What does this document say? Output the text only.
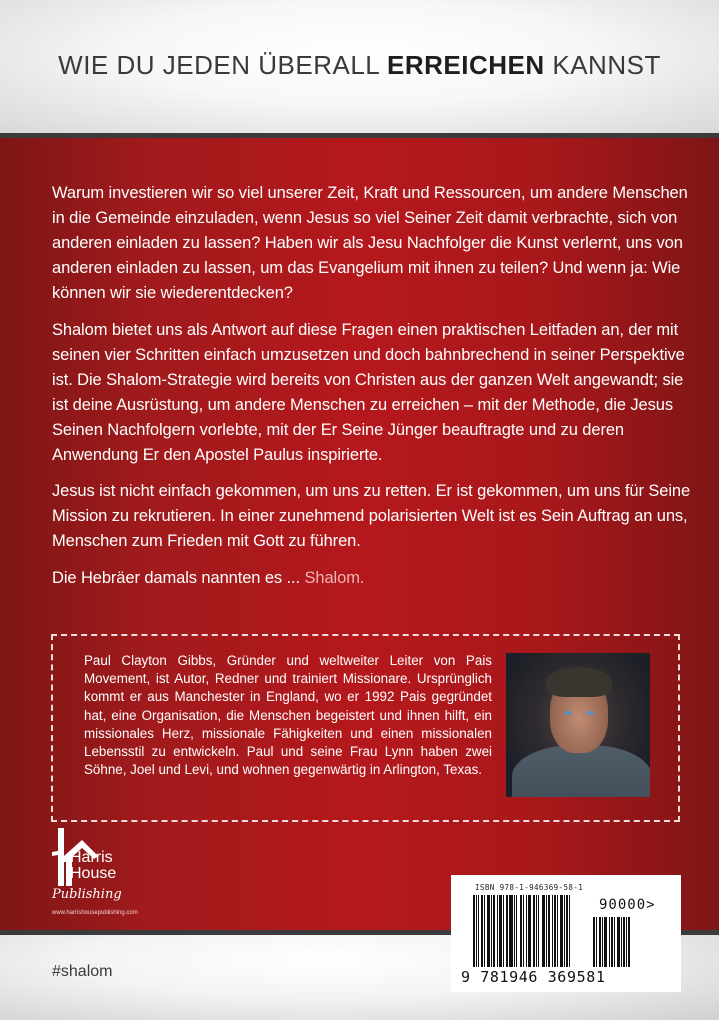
WIE DU JEDEN ÜBERALL ERREICHEN KANNST

Warum investieren wir so viel unserer Zeit, Kraft und Ressourcen, um andere Menschen in die Gemeinde einzuladen, wenn Jesus so viel Seiner Zeit damit verbrachte, sich von anderen einladen zu lassen? Haben wir als Jesu Nachfolger die Kunst verlernt, uns von anderen einladen zu lassen, um das Evangelium mit ihnen zu teilen? Und wenn ja: Wie können wir sie wiederentdecken?

Shalom bietet uns als Antwort auf diese Fragen einen praktischen Leitfaden an, der mit seinen vier Schritten einfach umzusetzen und doch bahnbrechend in seiner Perspektive ist. Die Shalom-Strategie wird bereits von Christen aus der ganzen Welt angewandt; sie ist deine Ausrüstung, um andere Menschen zu erreichen – mit der Methode, die Jesus Seinen Nachfolgern vorlebte, mit der Er Seine Jünger beauftragte und zu deren Anwendung Er den Apostel Paulus inspirierte.

Jesus ist nicht einfach gekommen, um uns zu retten. Er ist gekommen, um uns für Seine Mission zu rekrutieren. In einer zunehmend polarisierten Welt ist es Sein Auftrag an uns, Menschen zum Frieden mit Gott zu führen.

Die Hebräer damals nannten es ... Shalom.

Paul Clayton Gibbs, Gründer und weltweiter Leiter von Pais Movement, ist Autor, Redner und trainiert Missionare. Ursprünglich kommt er aus Manchester in England, wo er 1992 Pais gegründet hat, eine Organisation, die Menschen begeistert und ihnen hilft, ein missionales Herz, missionale Fähigkeiten und einen missionalen Lebensstil zu entwickeln. Paul und seine Frau Lynn haben zwei Söhne, Joel und Levi, und wohnen gegenwärtig in Arlington, Texas.

Harris
House
Publishing
www.harrishousepublishing.com
#shalom
ISBN 978-1-946369-58-1
90000>
9 781946 369581
